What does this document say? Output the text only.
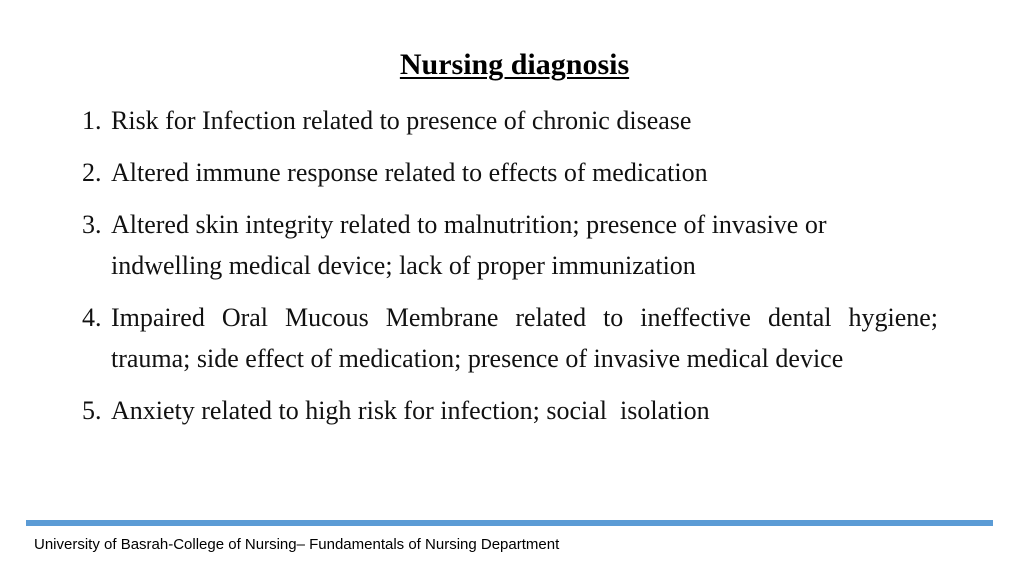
Nursing diagnosis
1. Risk for Infection related to presence of chronic disease
2. Altered immune response related to effects of medication
3. Altered skin integrity related to malnutrition; presence of invasive or indwelling medical device; lack of proper immunization
4. Impaired Oral Mucous Membrane related to ineffective dental hygiene; trauma; side effect of medication; presence of invasive medical device
5. Anxiety related to high risk for infection; social  isolation
University of Basrah-College of Nursing– Fundamentals of Nursing Department
